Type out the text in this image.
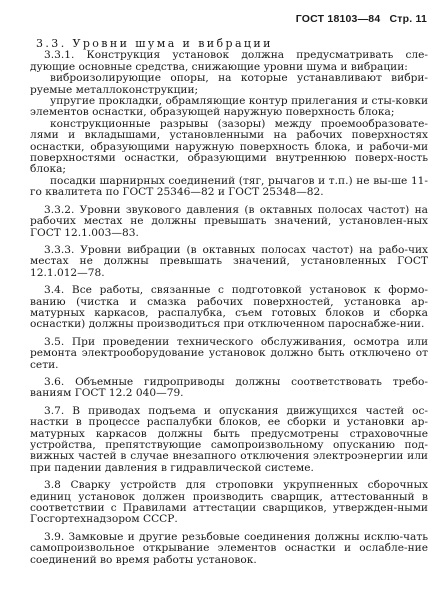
ГОСТ 18103—84 Стр. 11
3.3. Уровни шума и вибрации

3.3.1. Конструкция установок должна предусматривать сле-дующие основные средства, снижающие уровни шума и вибрации:

виброизолирующие опоры, на которые устанавливают вибри-руемые металлоконструкции;

упругие прокладки, обрамляющие контур прилегания и сты-ковки элементов оснастки, образующей наружную поверхность блока;

конструкционные разрывы (зазоры) между проемообразовате-лями и вкладышами, установленными на рабочих поверхностях оснастки, образующими наружную поверхность блока, и рабочи-ми поверхностями оснастки, образующими внутреннюю поверх-ность блока;

посадки шарнирных соединений (тяг, рычагов и т.п.) не вы-ше 11-го квалитета по ГОСТ 25346—82 и ГОСТ 25348—82.

3.3.2. Уровни звукового давления (в октавных полосах частот) на рабочих местах не должны превышать значений, установлен-ных ГОСТ 12.1.003—83.

3.3.3. Уровни вибрации (в октавных полосах частот) на рабо-чих местах не должны превышать значений, установленных ГОСТ 12.1.012—78.

3.4. Все работы, связанные с подготовкой установок к формо-ванию (чистка и смазка рабочих поверхностей, установка ар-матурных каркасов, распалубка, съем готовых блоков и сборка оснастки) должны производиться при отключенном пароснабже-нии.

3.5. При проведении технического обслуживания, осмотра или ремонта электрооборудование установок должно быть отключено от сети.

3.6. Объемные гидроприводы должны соответствовать требо-ваниям ГОСТ 12.2 040—79.

3.7. В приводах подъема и опускания движущихся частей ос-настки в процессе распалубки блоков, ее сборки и установки ар-матурных каркасов должны быть предусмотрены страховочные устройства, препятствующие самопроизвольному опусканию под-вижных частей в случае внезапного отключения электроэнергии или при падении давления в гидравлической системе.

3.8 Сварку устройств для строповки укрупненных сборочных единиц установок должен производить сварщик, аттестованный в соответствии с Правилами аттестации сварщиков, утвержден-ными Госгортехнадзором СССР.

3.9. Замковые и другие резьбовые соединения должны исклю-чать самопроизвольное открывание элементов оснастки и ослабле-ние соединений во время работы установок.
